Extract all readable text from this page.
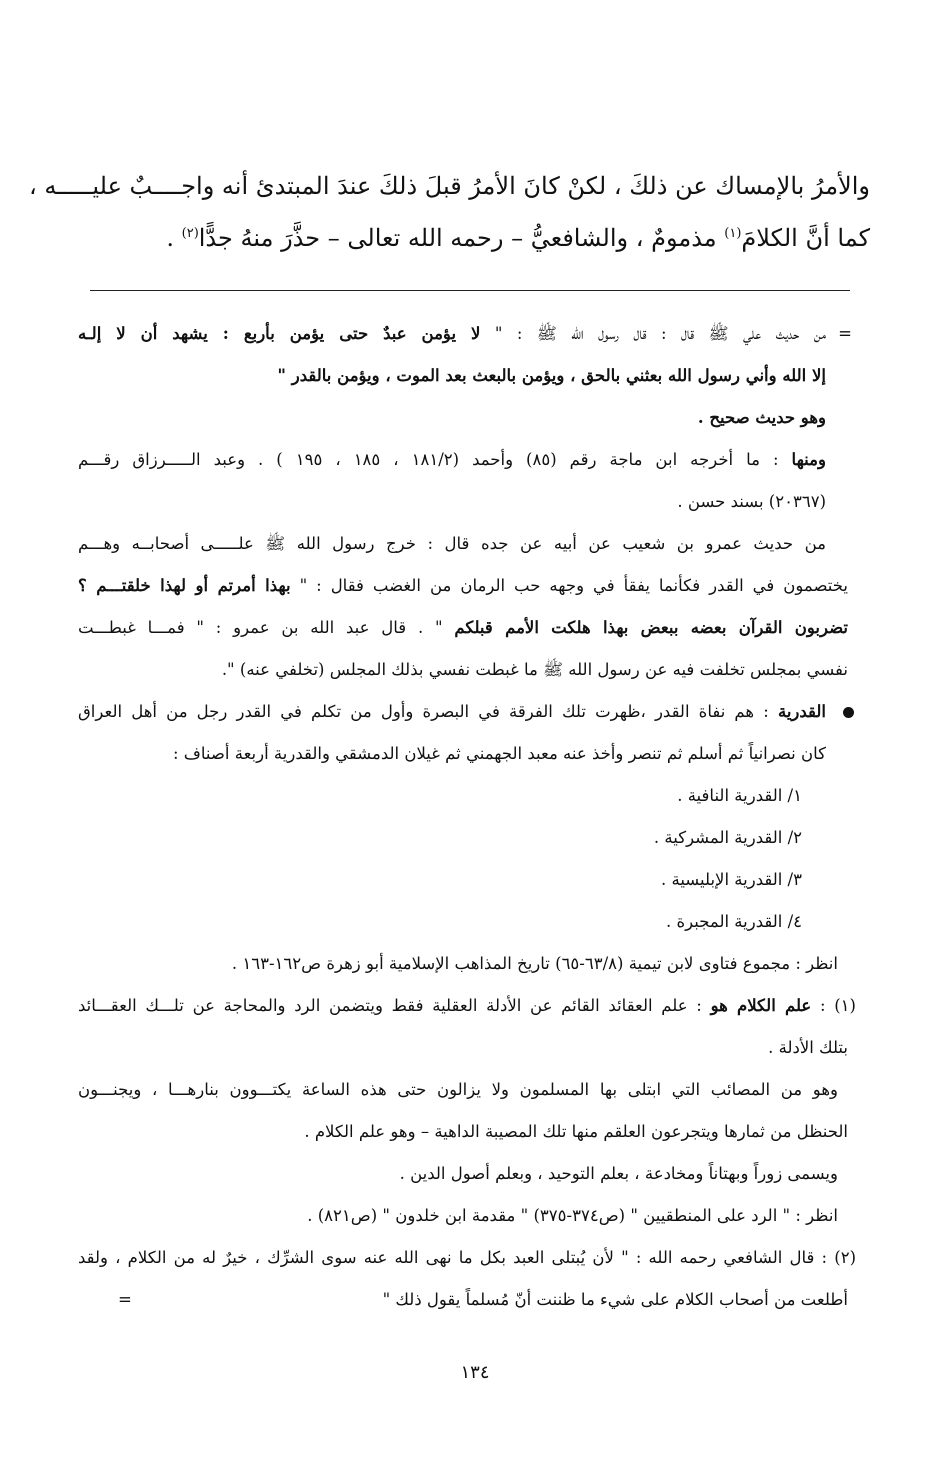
والأمرُ بالإمساك عن ذلكَ ، لكنْ كانَ الأمرُ قبلَ ذلكَ عندَ المبتدئ أنه واجــــبٌ عليـــــه ،
كما أنَّ الكلامَ$^{(١)}$ مذمومٌ ، والشافعيُّ – رحمه الله تعالى – حذَّرَ منهُ جدًّا$^{(٢)}$ .
=
من حديث علي ﷺ قال : قال رسول الله ﷺ : " لا يؤمن عبدٌ حتى يؤمن بأربع : يشهد أن لا إلـه
إلا الله وأني رسول الله بعثني بالحق ، ويؤمن بالبعث بعد الموت ، ويؤمن بالقدر "
وهو حديث صحيح .
ومنها : ما أخرجه ابن ماجة رقم (٨٥) وأحمد (١٨١/٢ ، ١٨٥ ، ١٩٥ ) . وعبد الـــــرزاق رقـــم
(٢٠٣٦٧) بسند حسن .
من حديث عمرو بن شعيب عن أبيه عن جده قال : خرج رسول الله ﷺ علـــــى أصحابــه وهـــم
يختصمون في القدر فكأنما يفقأ في وجهه حب الرمان من الغضب فقال : " بهذا أمرتم أو لهذا خلقتـــم ؟
تضربون القرآن بعضه ببعض بهذا هلكت الأمم قبلكم " . قال عبد الله بن عمرو : " فمـــا غبطـــت
نفسي بمجلس تخلفت فيه عن رسول الله ﷺ ما غبطت نفسي بذلك المجلس (تخلفي عنه) ".
القدرية : هم نفاة القدر ،ظهرت تلك الفرقة في البصرة وأول من تكلم في القدر رجل من أهل العراق
كان نصرانياً ثم أسلم ثم تنصر وأخذ عنه معبد الجهمني ثم غيلان الدمشقي والقدرية أربعة أصناف :
١/ القدرية النافية .
٢/ القدرية المشركية .
٣/ القدرية الإبليسية .
٤/ القدرية المجبرة .
انظر : مجموع فتاوى لابن تيمية (٦٣/٨-٦٥) تاريخ المذاهب الإسلامية أبو زهرة ص١٦٢-١٦٣ .
(١) : علم الكلام هو : علم العقائد القائم عن الأدلة العقلية فقط ويتضمن الرد والمحاجة عن تلـــك العقـــائد
بتلك الأدلة .
وهو من المصائب التي ابتلى بها المسلمون ولا يزالون حتى هذه الساعة يكتـــوون بنارهـــا ، ويجنـــون
الحنظل من ثمارها ويتجرعون العلقم منها تلك المصيبة الداهية – وهو علم الكلام .
ويسمى زوراً وبهتاناً ومخادعة ، بعلم التوحيد ، وبعلم أصول الدين .
انظر : " الرد على المنطقيين " (ص٣٧٤-٣٧٥) " مقدمة ابن خلدون " (ص٨٢١) .
(٢) : قال الشافعي رحمه الله : " لأن يُبتلى العبد بكل ما نهى الله عنه سوى الشرِّك ، خيرٌ له من الكلام ، ولقد
أطلعت من أصحاب الكلام على شيء ما ظننت أنّ مُسلماً يقول ذلك "
=
١٣٤
